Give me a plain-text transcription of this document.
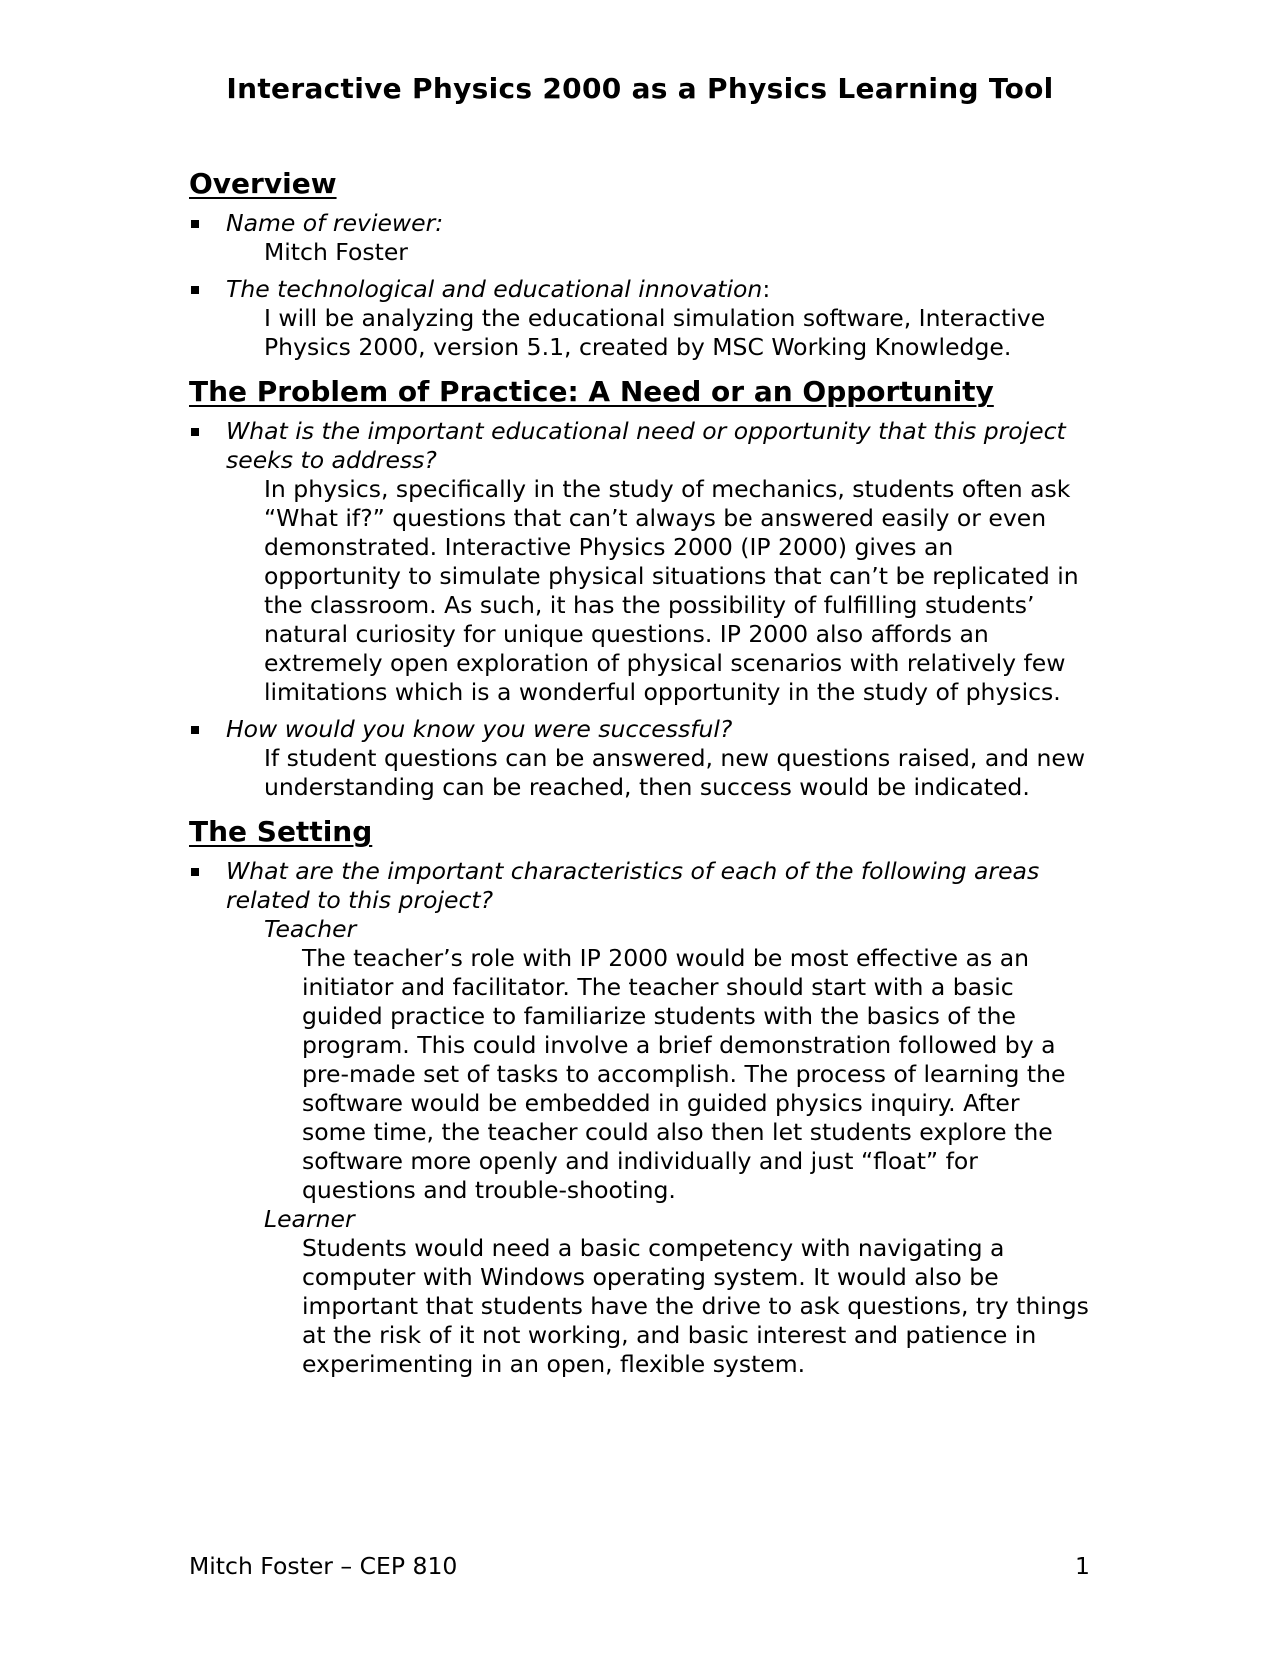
Interactive Physics 2000 as a Physics Learning Tool
Overview
Name of reviewer:
Mitch Foster
The technological and educational innovation:
I will be analyzing the educational simulation software, Interactive Physics 2000, version 5.1, created by MSC Working Knowledge.
The Problem of Practice: A Need or an Opportunity
What is the important educational need or opportunity that this project seeks to address?
In physics, specifically in the study of mechanics, students often ask “What if?” questions that can’t always be answered easily or even demonstrated. Interactive Physics 2000 (IP 2000) gives an opportunity to simulate physical situations that can’t be replicated in the classroom. As such, it has the possibility of fulfilling students’ natural curiosity for unique questions. IP 2000 also affords an extremely open exploration of physical scenarios with relatively few limitations which is a wonderful opportunity in the study of physics.
How would you know you were successful?
If student questions can be answered, new questions raised, and new understanding can be reached, then success would be indicated.
The Setting
What are the important characteristics of each of the following areas related to this project?
Teacher
The teacher’s role with IP 2000 would be most effective as an initiator and facilitator. The teacher should start with a basic guided practice to familiarize students with the basics of the program. This could involve a brief demonstration followed by a pre-made set of tasks to accomplish. The process of learning the software would be embedded in guided physics inquiry. After some time, the teacher could also then let students explore the software more openly and individually and just “float” for questions and trouble-shooting.
Learner
Students would need a basic competency with navigating a computer with Windows operating system. It would also be important that students have the drive to ask questions, try things at the risk of it not working, and basic interest and patience in experimenting in an open, flexible system.
Mitch Foster – CEP 810	1
